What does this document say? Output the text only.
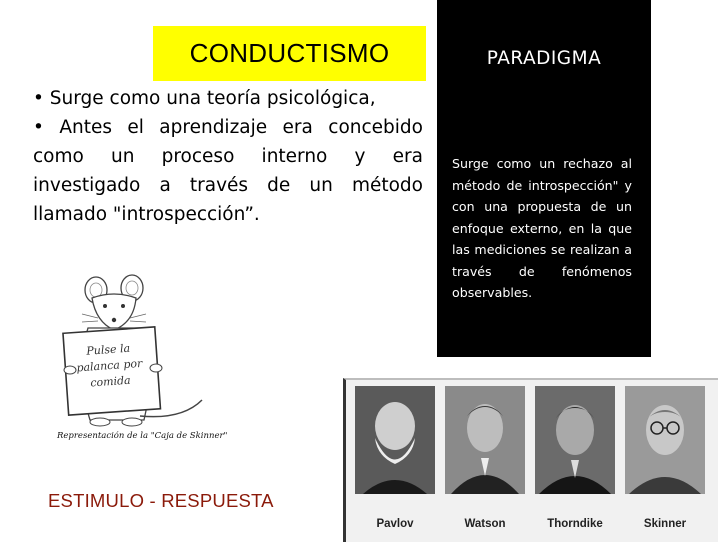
CONDUCTISMO

• Surge como una teoría psicológica,

• Antes el aprendizaje era concebido como un proceso interno y era investigado a través de un método llamado "introspección”.

PARADIGMA
Surge como un rechazo al método de introspección" y con una propuesta de un enfoque externo, en la que las mediciones se realizan a través de fenómenos observables.
Pulse la
palanca por
comida
Representación de la "Caja de Skinner"
ESTIMULO - RESPUESTA
Pavlov	Watson	Thorndike	Skinner
